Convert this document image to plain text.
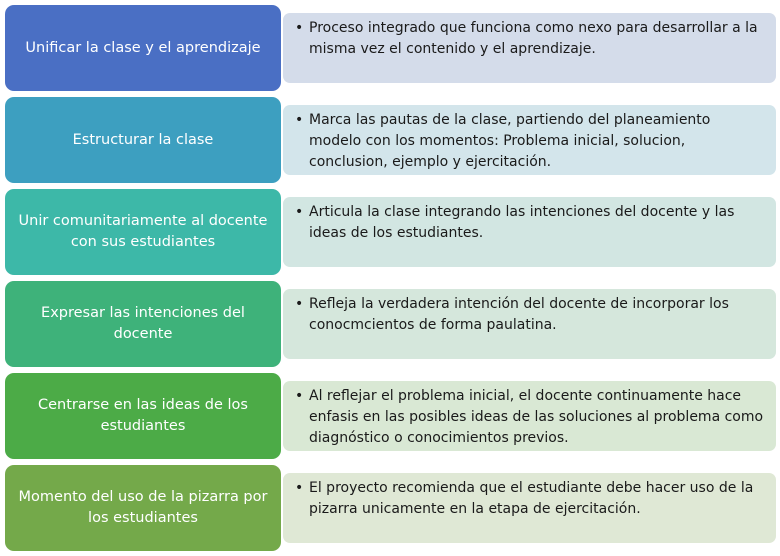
Unificar la clase y el aprendizaje
• Proceso integrado que funciona como nexo para desarrollar a la misma vez el contenido y el aprendizaje.
Estructurar la clase
• Marca las pautas de la clase, partiendo del planeamiento modelo con los momentos: Problema inicial, solucion, conclusion, ejemplo y ejercitación.
Unir comunitariamente al docente con sus estudiantes
• Articula la clase integrando las intenciones del docente y las ideas de los estudiantes.
Expresar las intenciones del docente
• Refleja la verdadera intención del docente de incorporar los conocmcientos de forma paulatina.
Centrarse en las ideas de los estudiantes
• Al reflejar el problema inicial, el docente continuamente hace enfasis en las posibles ideas de las soluciones al problema como diagnóstico o conocimientos previos.
Momento del uso de la pizarra por los estudiantes
• El proyecto recomienda que el estudiante debe hacer uso de la pizarra unicamente en la etapa de ejercitación.
